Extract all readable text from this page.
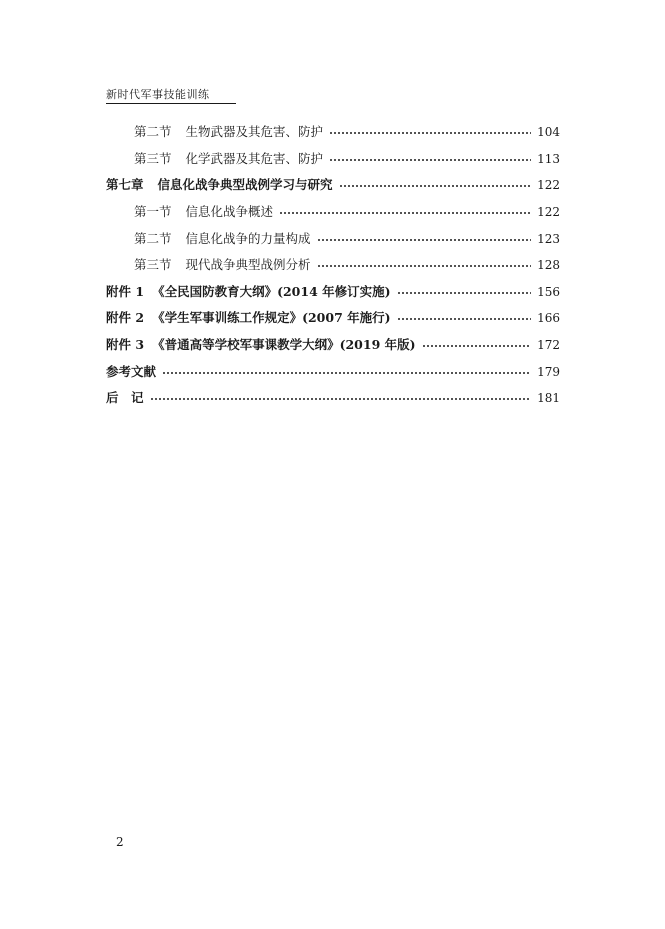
新时代军事技能训练
第二节 生物武器及其危害、防护	104
第三节 化学武器及其危害、防护	113
第七章 信息化战争典型战例学习与研究	122
第一节 信息化战争概述	122
第二节 信息化战争的力量构成	123
第三节 现代战争典型战例分析	128
附件 1 《全民国防教育大纲》(2014 年修订实施)	156
附件 2 《学生军事训练工作规定》(2007 年施行)	166
附件 3 《普通高等学校军事课教学大纲》(2019 年版)	172
参考文献	179
后　记	181
2
